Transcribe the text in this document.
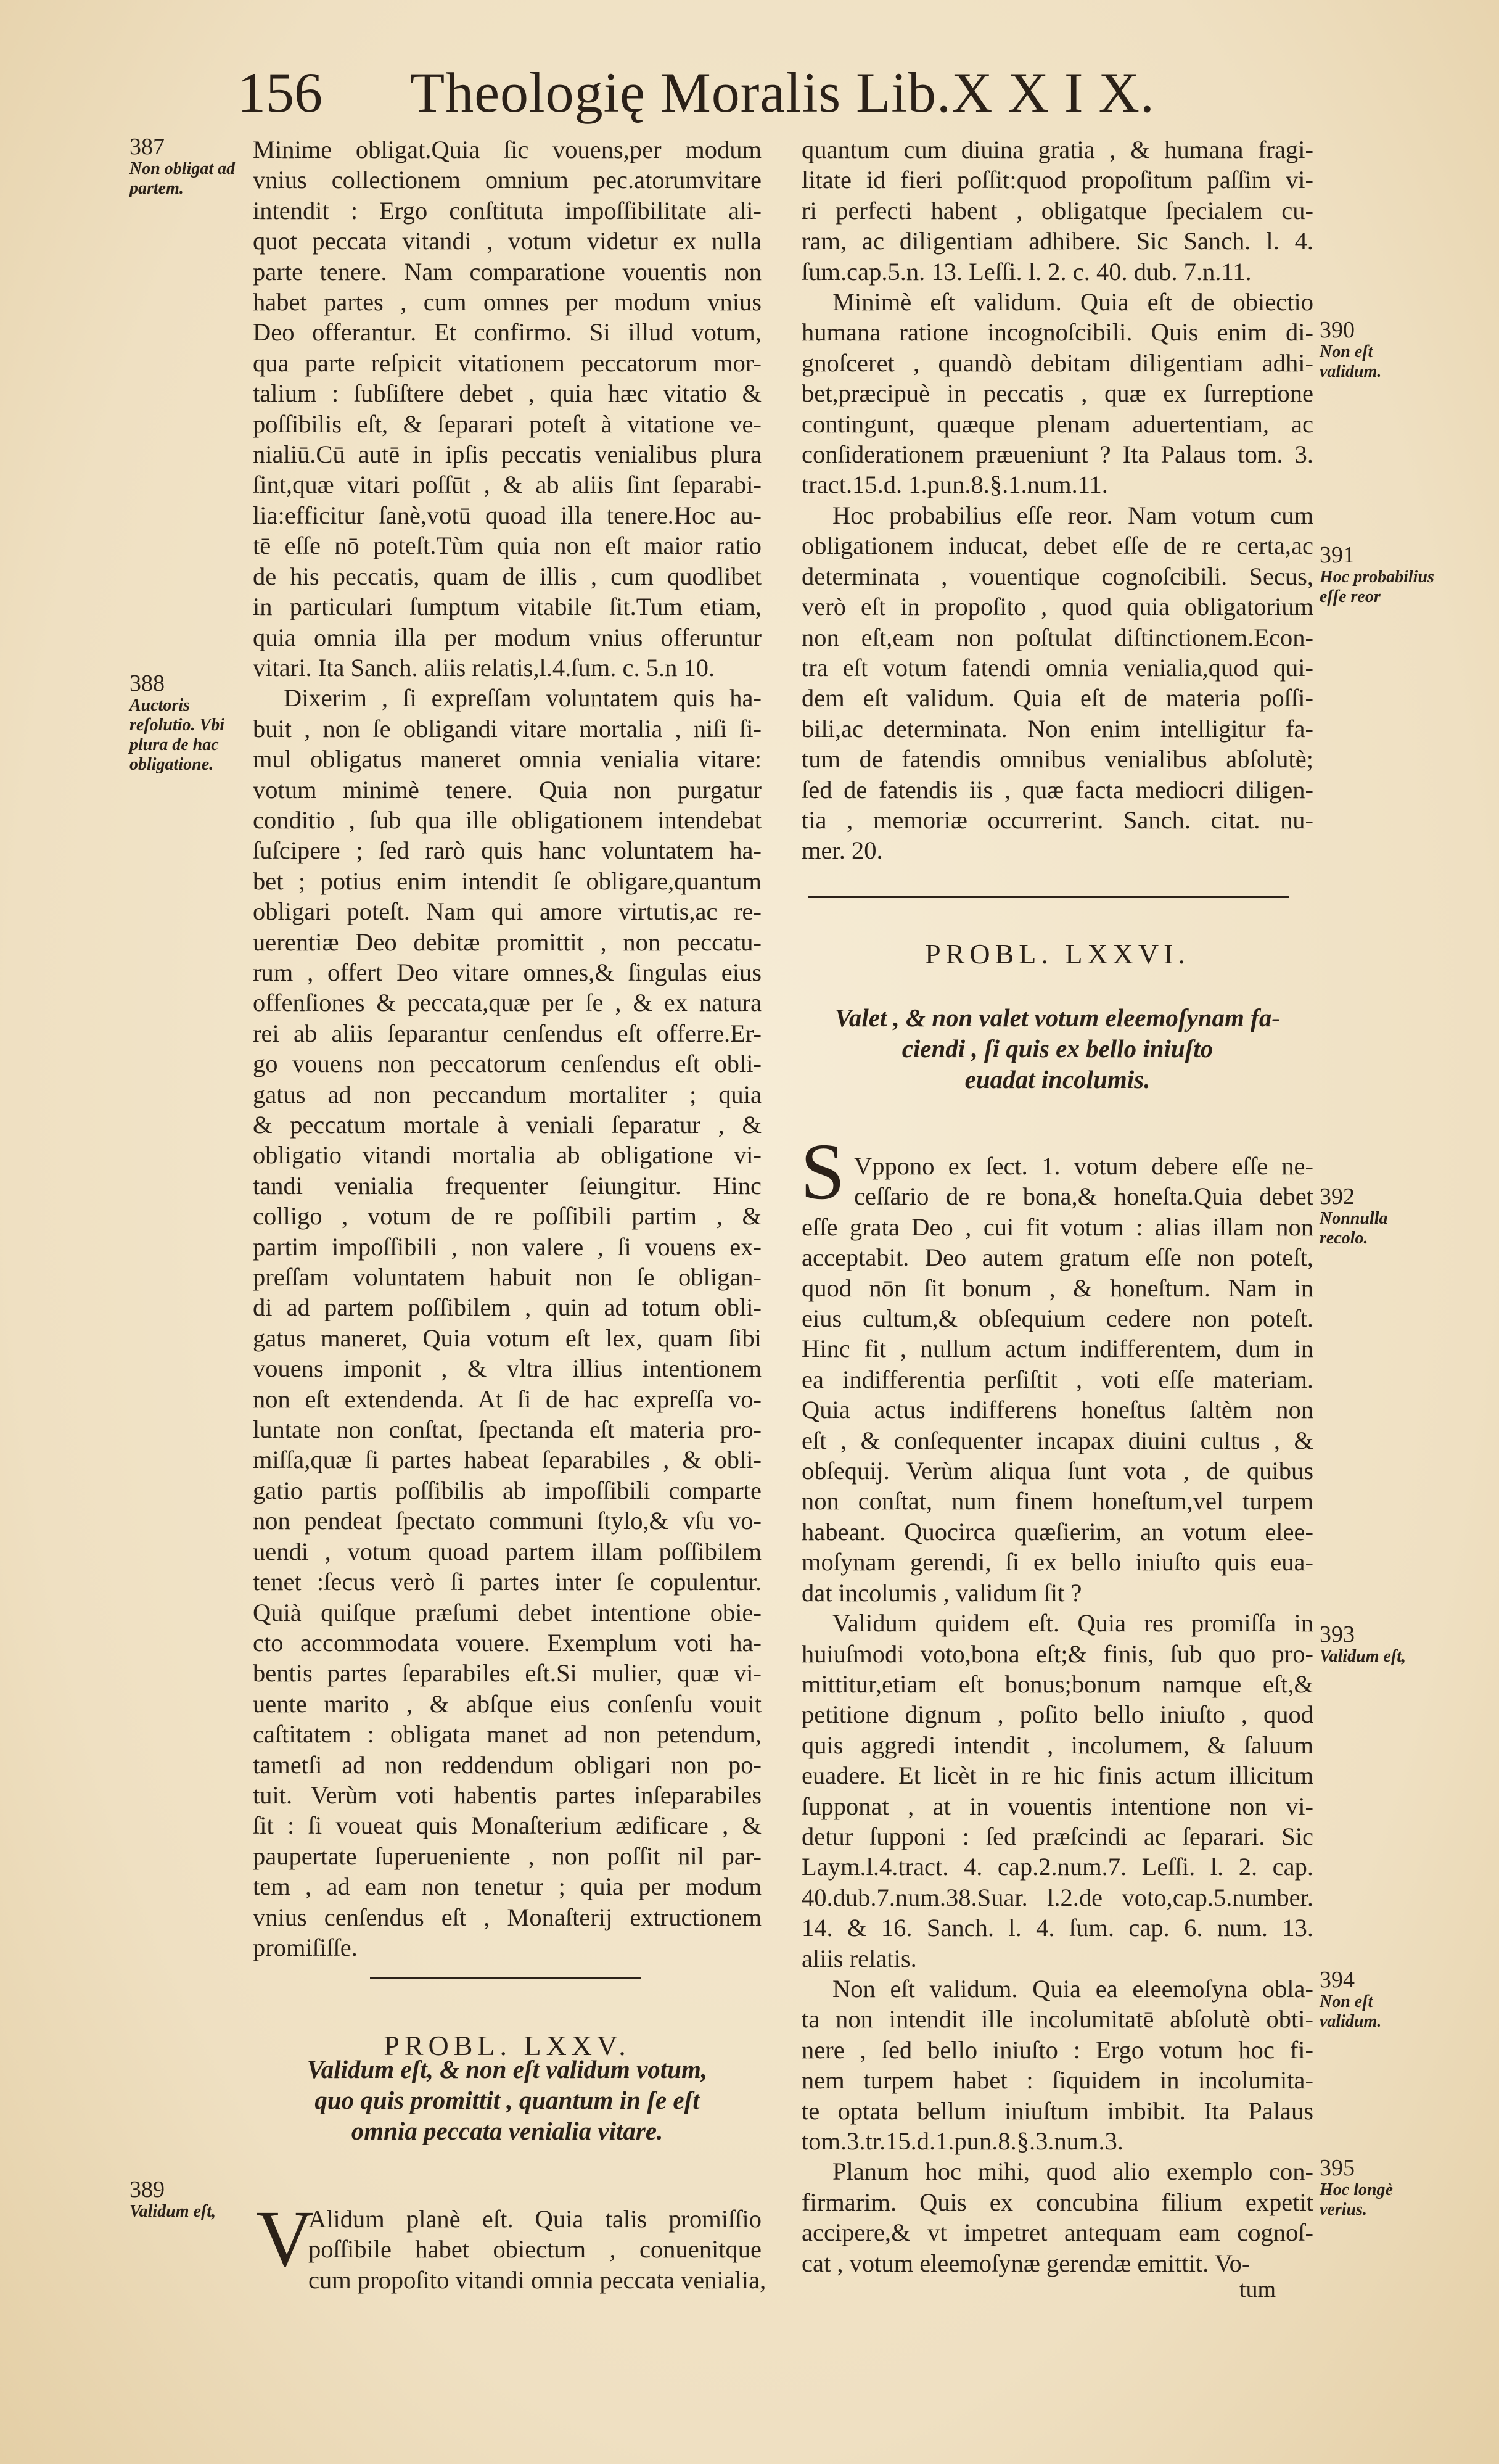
156 Theologię Moralis Lib.X X I X.

Minime obligat.Quia ſic vouens,per modum

vnius collectionem omnium pec.atorumvitare

intendit : Ergo conſtituta impoſſibilitate ali-

quot peccata vitandi , votum videtur ex nulla

parte tenere. Nam comparatione vouentis non

habet partes , cum omnes per modum vnius

Deo offerantur. Et confirmo. Si illud votum,

qua parte reſpicit vitationem peccatorum mor-

talium : ſubſiſtere debet , quia hæc vitatio &

poſſibilis eſt, & ſeparari poteſt à vitatione ve-

nialiū.Cū autē in ipſis peccatis venialibus plura

ſint,quæ vitari poſſūt , & ab aliis ſint ſeparabi-

lia:efficitur ſanè,votū quoad illa tenere.Hoc au-

tē eſſe nō poteſt.Tùm quia non eſt maior ratio

de his peccatis, quam de illis , cum quodlibet

in particulari ſumptum vitabile ſit.Tum etiam,

quia omnia illa per modum vnius offeruntur

vitari. Ita Sanch. aliis relatis,l.4.ſum. c. 5.n 10.

Dixerim , ſi expreſſam voluntatem quis ha-

buit , non ſe obligandi vitare mortalia , niſi ſi-

mul obligatus maneret omnia venialia vitare:

votum minimè tenere. Quia non purgatur

conditio , ſub qua ille obligationem intendebat

ſuſcipere ; ſed rarò quis hanc voluntatem ha-

bet ; potius enim intendit ſe obligare,quantum

obligari poteſt. Nam qui amore virtutis,ac re-

uerentiæ Deo debitæ promittit , non peccatu-

rum , offert Deo vitare omnes,& ſingulas eius

offenſiones & peccata,quæ per ſe , & ex natura

rei ab aliis ſeparantur cenſendus eſt offerre.Er-

go vouens non peccatorum cenſendus eſt obli-

gatus ad non peccandum mortaliter ; quia

& peccatum mortale à veniali ſeparatur , &

obligatio vitandi mortalia ab obligatione vi-

tandi venialia frequenter ſeiungitur. Hinc

colligo , votum de re poſſibili partim , &

partim impoſſibili , non valere , ſi vouens ex-

preſſam voluntatem habuit non ſe obligan-

di ad partem poſſibilem , quin ad totum obli-

gatus maneret, Quia votum eſt lex, quam ſibi

vouens imponit , & vltra illius intentionem

non eſt extendenda. At ſi de hac expreſſa vo-

luntate non conſtat, ſpectanda eſt materia pro-

miſſa,quæ ſi partes habeat ſeparabiles , & obli-

gatio partis poſſibilis ab impoſſibili comparte

non pendeat ſpectato communi ſtylo,& vſu vo-

uendi , votum quoad partem illam poſſibilem

tenet :ſecus verò ſi partes inter ſe copulentur.

Quià quiſque præſumi debet intentione obie-

cto accommodata vouere. Exemplum voti ha-

bentis partes ſeparabiles eſt.Si mulier, quæ vi-

uente marito , & abſque eius conſenſu vouit

caſtitatem : obligata manet ad non petendum,

tametſi ad non reddendum obligari non po-

tuit. Verùm voti habentis partes inſeparabiles

ſit : ſi voueat quis Monaſterium ædificare , &

paupertate ſuperueniente , non poſſit nil par-

tem , ad eam non tenetur ; quia per modum

vnius cenſendus eſt , Monaſterij extructionem

promiſiſſe.

PROBL. LXXV.
Validum eſt, & non eſt validum votum,
quo quis promittit , quantum in ſe eſt
omnia peccata venialia vitare.
V

Alidum planè eſt. Quia talis promiſſio

poſſibile habet obiectum , conuenitque

cum propoſito vitandi omnia peccata venialia,

quantum cum diuina gratia , & humana fragi-

litate id fieri poſſit:quod propoſitum paſſim vi-

ri perfecti habent , obligatque ſpecialem cu-

ram, ac diligentiam adhibere. Sic Sanch. l. 4.

ſum.cap.5.n. 13. Leſſi. l. 2. c. 40. dub. 7.n.11.

Minimè eſt validum. Quia eſt de obiectio

humana ratione incognoſcibili. Quis enim di-

gnoſceret , quandò debitam diligentiam adhi-

bet,præcipuè in peccatis , quæ ex ſurreptione

contingunt, quæque plenam aduertentiam, ac

conſiderationem præueniunt ? Ita Palaus tom. 3.

tract.15.d. 1.pun.8.§.1.num.11.

Hoc probabilius eſſe reor. Nam votum cum

obligationem inducat, debet eſſe de re certa,ac

determinata , vouentique cognoſcibili. Secus,

verò eſt in propoſito , quod quia obligatorium

non eſt,eam non poſtulat diſtinctionem.Econ-

tra eſt votum fatendi omnia venialia,quod qui-

dem eſt validum. Quia eſt de materia poſſi-

bili,ac determinata. Non enim intelligitur fa-

tum de fatendis omnibus venialibus abſolutè;

ſed de fatendis iis , quæ facta mediocri diligen-

tia , memoriæ occurrerint. Sanch. citat. nu-

mer. 20.

PROBL. LXXVI.
Valet , & non valet votum eleemoſynam fa-
ciendi , ſi quis ex bello iniuſto
euadat incolumis.
S Vppono ex ſect. 1. votum debere eſſe ne-

ceſſario de re bona,& honeſta.Quia debet

eſſe grata Deo , cui fit votum : alias illam non

acceptabit. Deo autem gratum eſſe non poteſt,

quod nōn ſit bonum , & honeſtum. Nam in

eius cultum,& obſequium cedere non poteſt.

Hinc fit , nullum actum indifferentem, dum in

ea indifferentia perſiſtit , voti eſſe materiam.

Quia actus indifferens honeſtus ſaltèm non

eſt , & conſequenter incapax diuini cultus , &

obſequij. Verùm aliqua ſunt vota , de quibus

non conſtat, num finem honeſtum,vel turpem

habeant. Quocirca quæſierim, an votum elee-

moſynam gerendi, ſi ex bello iniuſto quis eua-

dat incolumis , validum ſit ?

Validum quidem eſt. Quia res promiſſa in

huiuſmodi voto,bona eſt;& finis, ſub quo pro-

mittitur,etiam eſt bonus;bonum namque eſt,&

petitione dignum , poſito bello iniuſto , quod

quis aggredi intendit , incolumem, & ſaluum

euadere. Et licèt in re hic finis actum illicitum

ſupponat , at in vouentis intentione non vi-

detur ſupponi : ſed præſcindi ac ſeparari. Sic

Laym.l.4.tract. 4. cap.2.num.7. Leſſi. l. 2. cap.

40.dub.7.num.38.Suar. l.2.de voto,cap.5.number.

14. & 16. Sanch. l. 4. ſum. cap. 6. num. 13.

aliis relatis.

Non eſt validum. Quia ea eleemoſyna obla-

ta non intendit ille incolumitatē abſolutè obti-

nere , ſed bello iniuſto : Ergo votum hoc fi-

nem turpem habet : ſiquidem in incolumita-

te optata bellum iniuſtum imbibit. Ita Palaus

tom.3.tr.15.d.1.pun.8.§.3.num.3.

Planum hoc mihi, quod alio exemplo con-

firmarim. Quis ex concubina filium expetit

accipere,& vt impetret antequam eam cognoſ-

cat , votum eleemoſynæ gerendæ emittit. Vo-

tum
387
Non obligat ad partem.
388
Auctoris reſolutio. Vbi plura de hac obligatione.
389
Validum eſt,
390
Non eſt validum.
391
Hoc probabilius eſſe reor
392
Nonnulla recolo.
393
Validum eſt,
394
Non eſt validum.
395
Hoc longè verius.
